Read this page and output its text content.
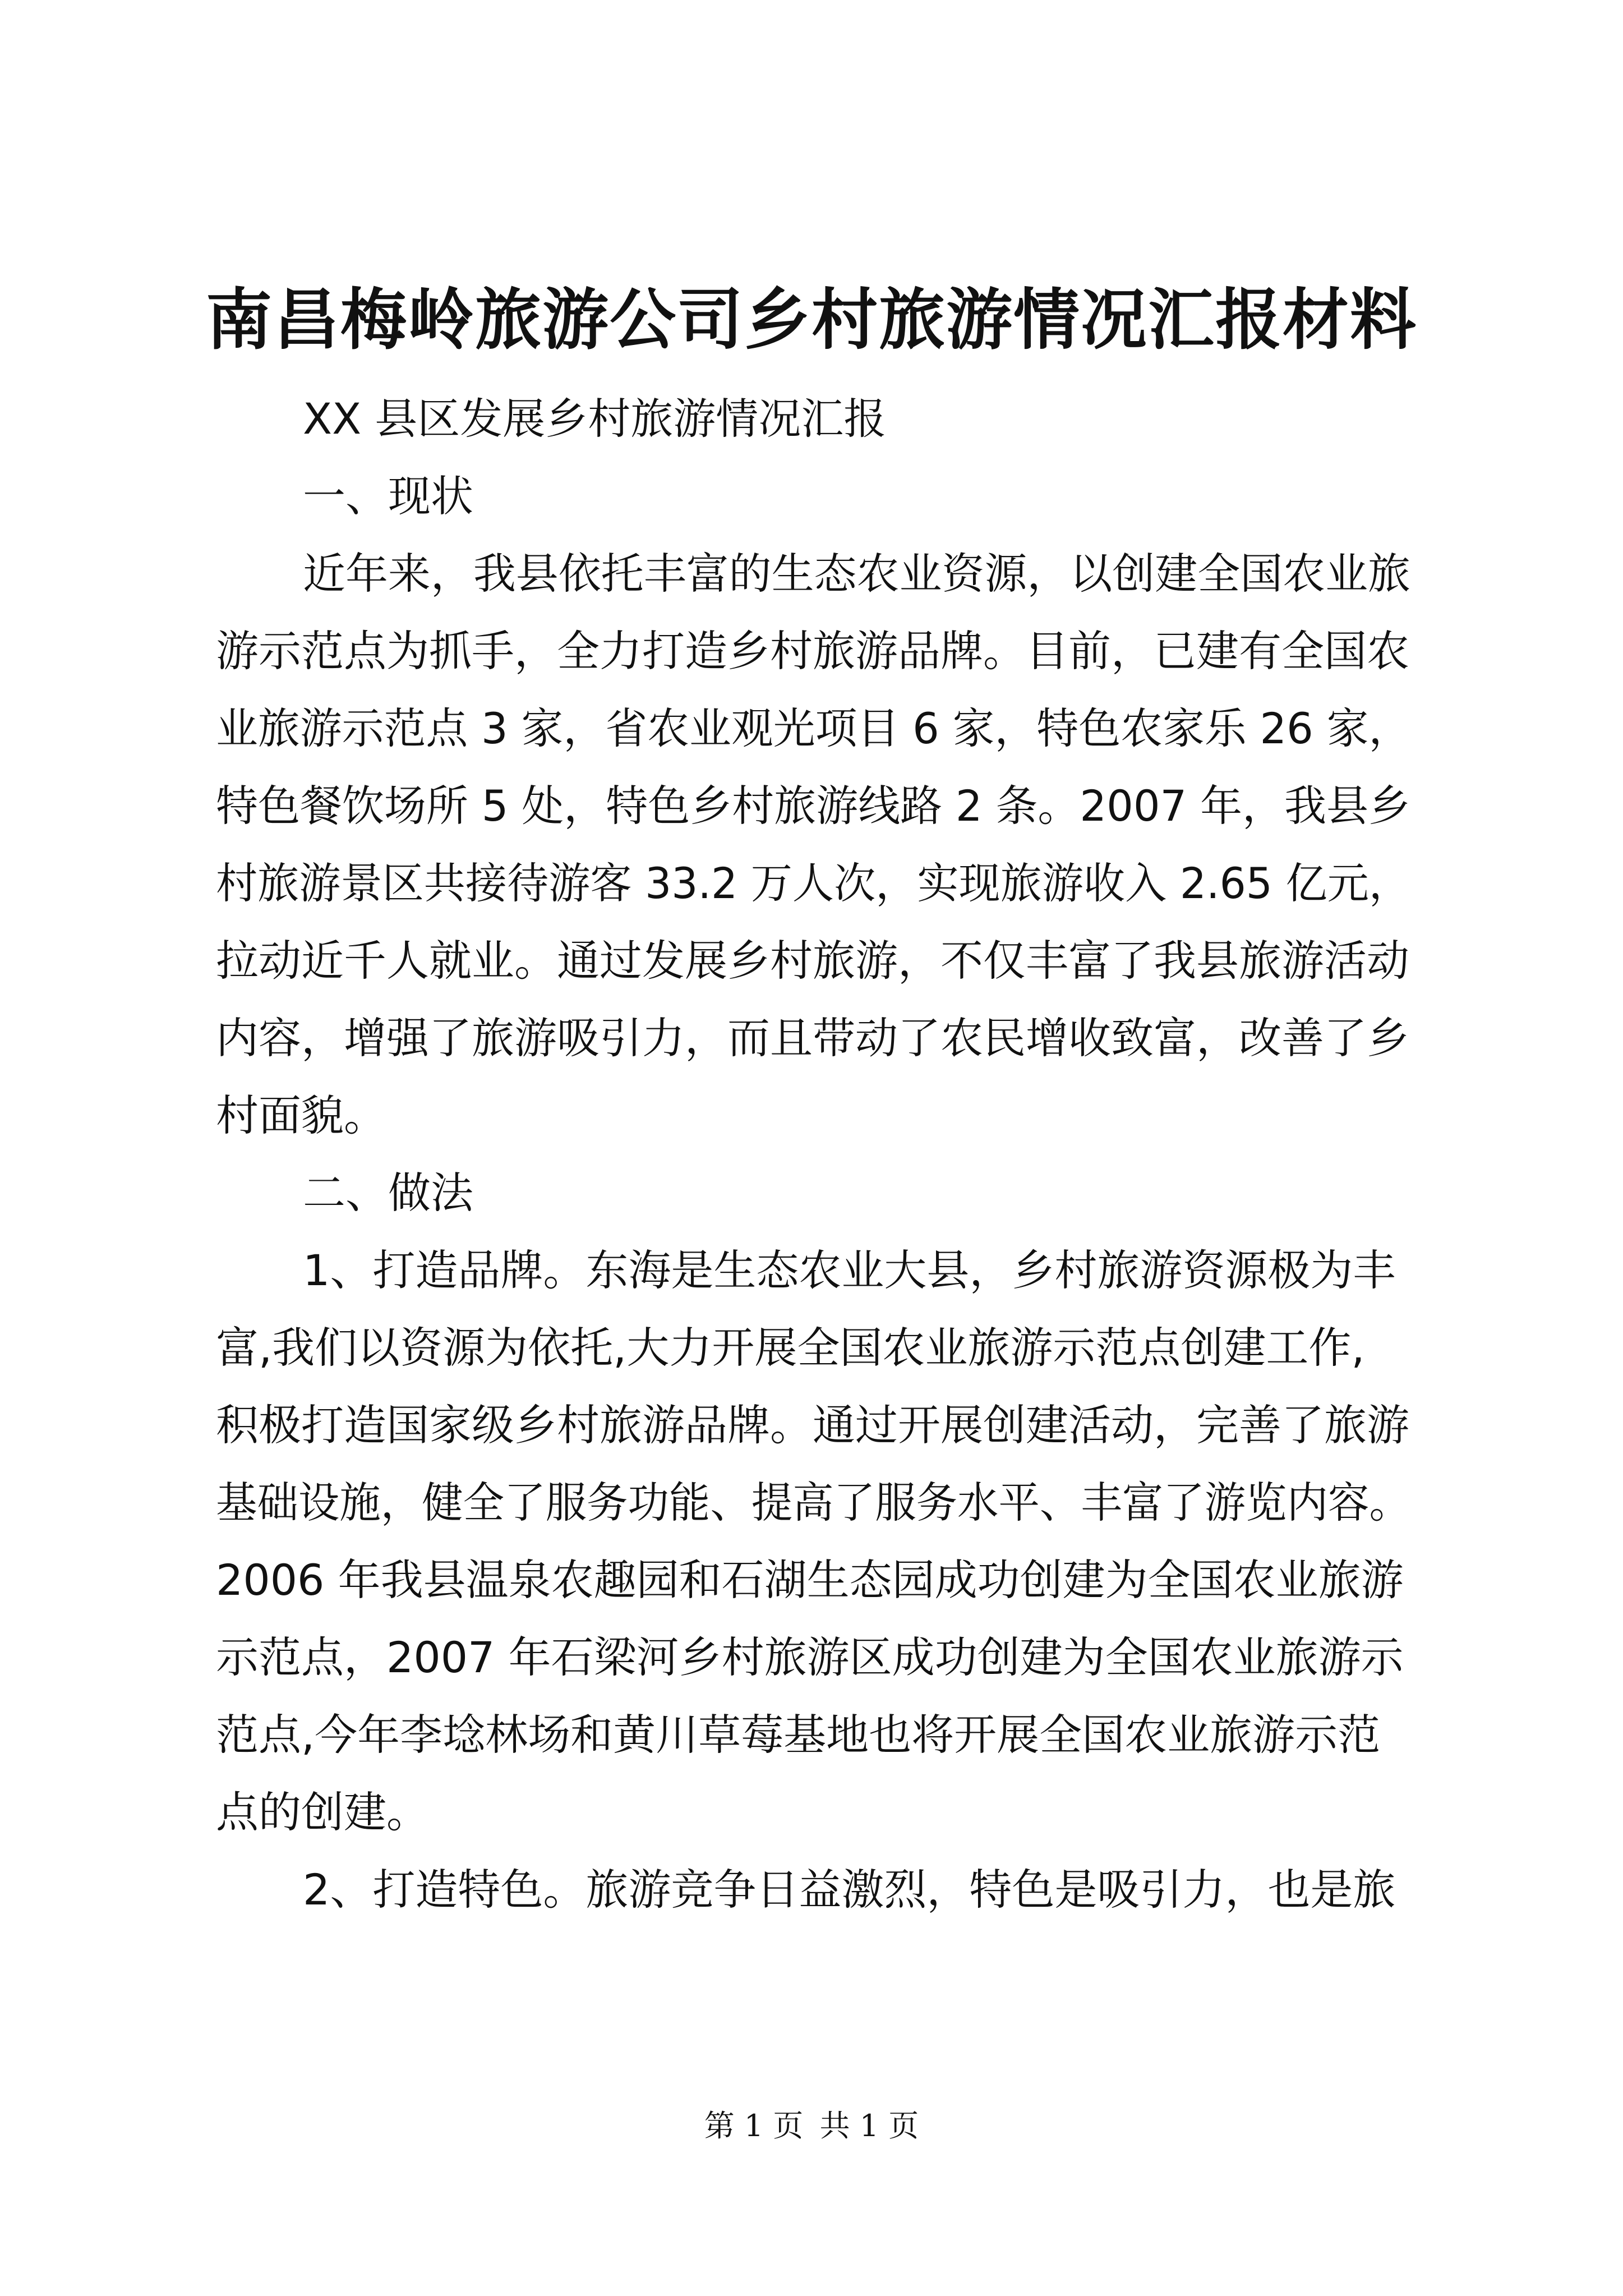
南昌梅岭旅游公司乡村旅游情况汇报材料

XX 县区发展乡村旅游情况汇报

一、现状

近年来，我县依托丰富的生态农业资源，以创建全国农业旅

游示范点为抓手，全力打造乡村旅游品牌。目前，已建有全国农

业旅游示范点 3 家，省农业观光项目 6 家，特色农家乐 26 家，

特色餐饮场所 5 处，特色乡村旅游线路 2 条。2007 年，我县乡

村旅游景区共接待游客 33.2 万人次，实现旅游收入 2.65 亿元，

拉动近千人就业。通过发展乡村旅游，不仅丰富了我县旅游活动

内容，增强了旅游吸引力，而且带动了农民增收致富，改善了乡

村面貌。

二、做法

1、打造品牌。东海是生态农业大县，乡村旅游资源极为丰

富,我们以资源为依托,大力开展全国农业旅游示范点创建工作,

积极打造国家级乡村旅游品牌。通过开展创建活动，完善了旅游

基础设施，健全了服务功能、提高了服务水平、丰富了游览内容。

2006 年我县温泉农趣园和石湖生态园成功创建为全国农业旅游

示范点，2007 年石梁河乡村旅游区成功创建为全国农业旅游示

范点,今年李埝林场和黄川草莓基地也将开展全国农业旅游示范

点的创建。

2、打造特色。旅游竞争日益激烈，特色是吸引力，也是旅

第 1 页 共 1 页
